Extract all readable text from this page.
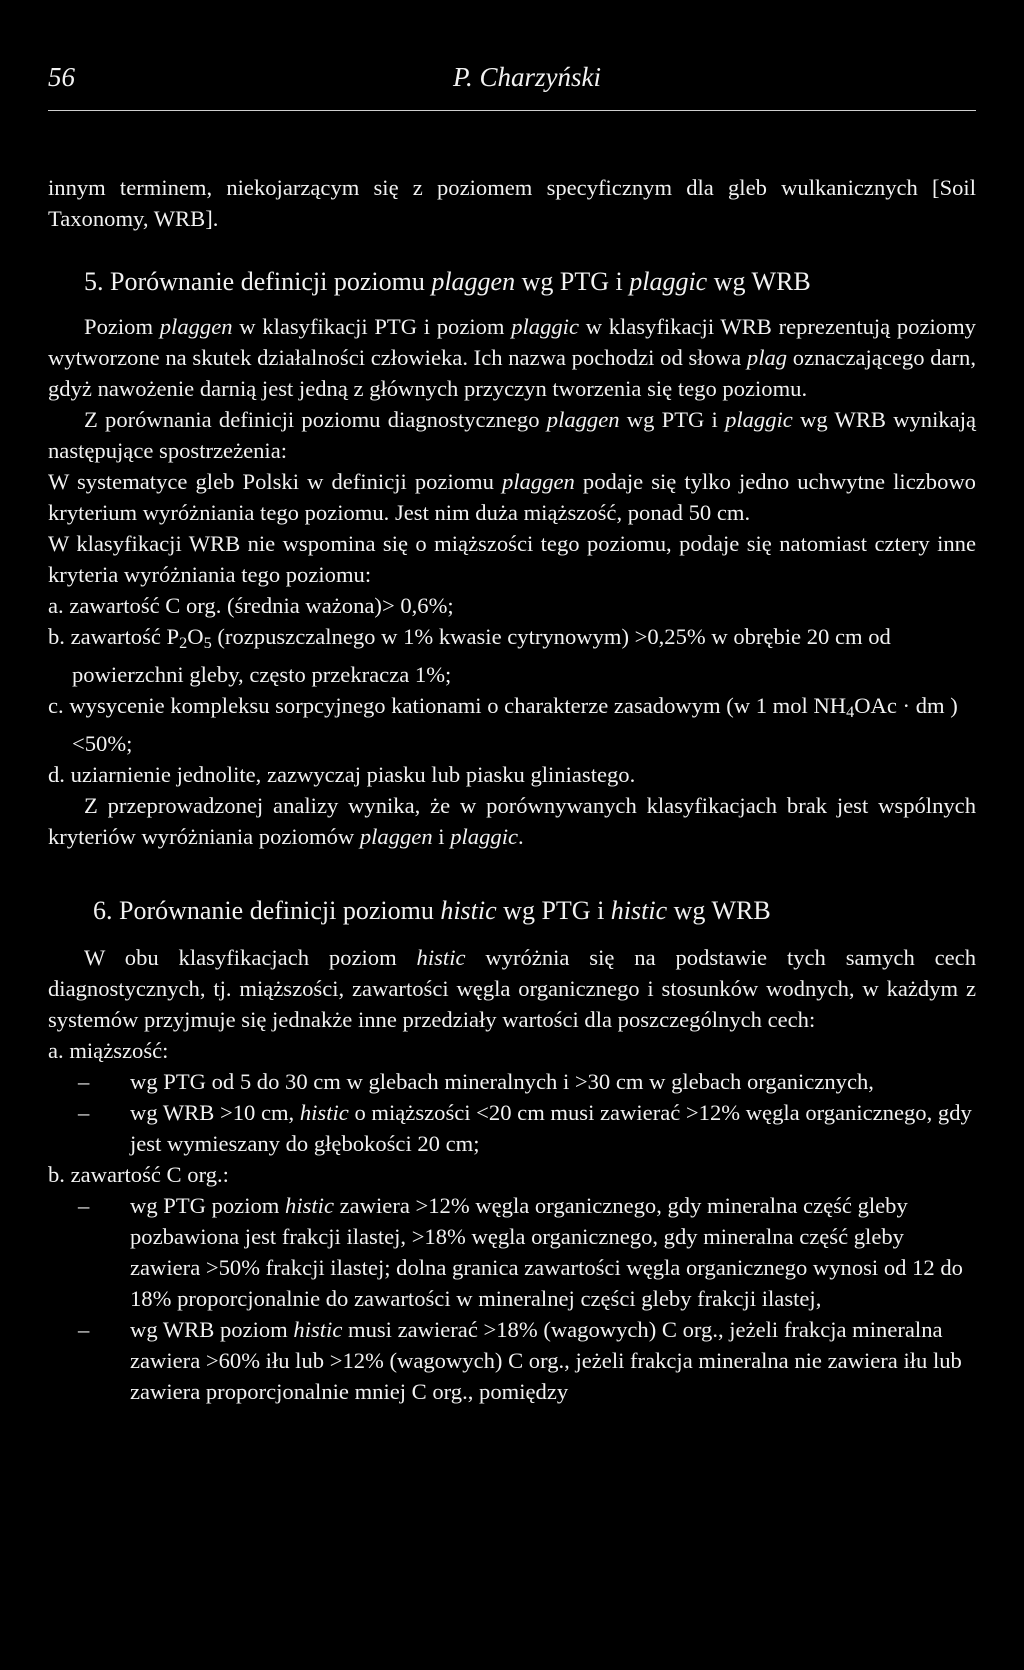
56	P. Charzyński

innym terminem, niekojarzącym się z poziomem specyficznym dla gleb wulkanicznych [Soil Taxonomy, WRB].

5. Porównanie definicji poziomu plaggen wg PTG i plaggic wg WRB

Poziom plaggen w klasyfikacji PTG i poziom plaggic w klasyfikacji WRB reprezentują poziomy wytworzone na skutek działalności człowieka. Ich nazwa pochodzi od słowa plag oznaczającego darn, gdyż nawożenie darnią jest jedną z głównych przyczyn tworzenia się tego poziomu.

Z porównania definicji poziomu diagnostycznego plaggen wg PTG i plaggic wg WRB wynikają następujące spostrzeżenia:

W systematyce gleb Polski w definicji poziomu plaggen podaje się tylko jedno uchwytne liczbowo kryterium wyróżniania tego poziomu. Jest nim duża miąższość, ponad 50 cm.

W klasyfikacji WRB nie wspomina się o miąższości tego poziomu, podaje się natomiast cztery inne kryteria wyróżniania tego poziomu:

a. zawartość C org. (średnia ważona)> 0,6%;

b. zawartość $P_2O_5$ (rozpuszczalnego w 1% kwasie cytrynowym) >0,25% w obrębie 20 cm od powierzchni gleby, często przekracza 1%;

c. wysycenie kompleksu sorpcyjnego kationami o charakterze zasadowym (w 1 mol $NH_4OAc$ · dm ) <50%;

d. uziarnienie jednolite, zazwyczaj piasku lub piasku gliniastego.

Z przeprowadzonej analizy wynika, że w porównywanych klasyfikacjach brak jest wspólnych kryteriów wyróżniania poziomów plaggen i plaggic.

6. Porównanie definicji poziomu histic wg PTG i histic wg WRB

W obu klasyfikacjach poziom histic wyróżnia się na podstawie tych samych cech diagnostycznych, tj. miąższości, zawartości węgla organicznego i stosunków wodnych, w każdym z systemów przyjmuje się jednakże inne przedziały wartości dla poszczególnych cech:

a. miąższość:

– wg PTG od 5 do 30 cm w glebach mineralnych i >30 cm w glebach organicznych,

– wg WRB >10 cm, histic o miąższości <20 cm musi zawierać >12% węgla organicznego, gdy jest wymieszany do głębokości 20 cm;

b. zawartość C org.:

– wg PTG poziom histic zawiera >12% węgla organicznego, gdy mineralna część gleby pozbawiona jest frakcji ilastej, >18% węgla organicznego, gdy mineralna część gleby zawiera >50% frakcji ilastej; dolna granica zawartości węgla organicznego wynosi od 12 do 18% proporcjonalnie do zawartości w mineralnej części gleby frakcji ilastej,

– wg WRB poziom histic musi zawierać >18% (wagowych) C org., jeżeli frakcja mineralna zawiera >60% iłu lub >12% (wagowych) C org., jeżeli frakcja mineralna nie zawiera iłu lub zawiera proporcjonalnie mniej C org., pomiędzy
